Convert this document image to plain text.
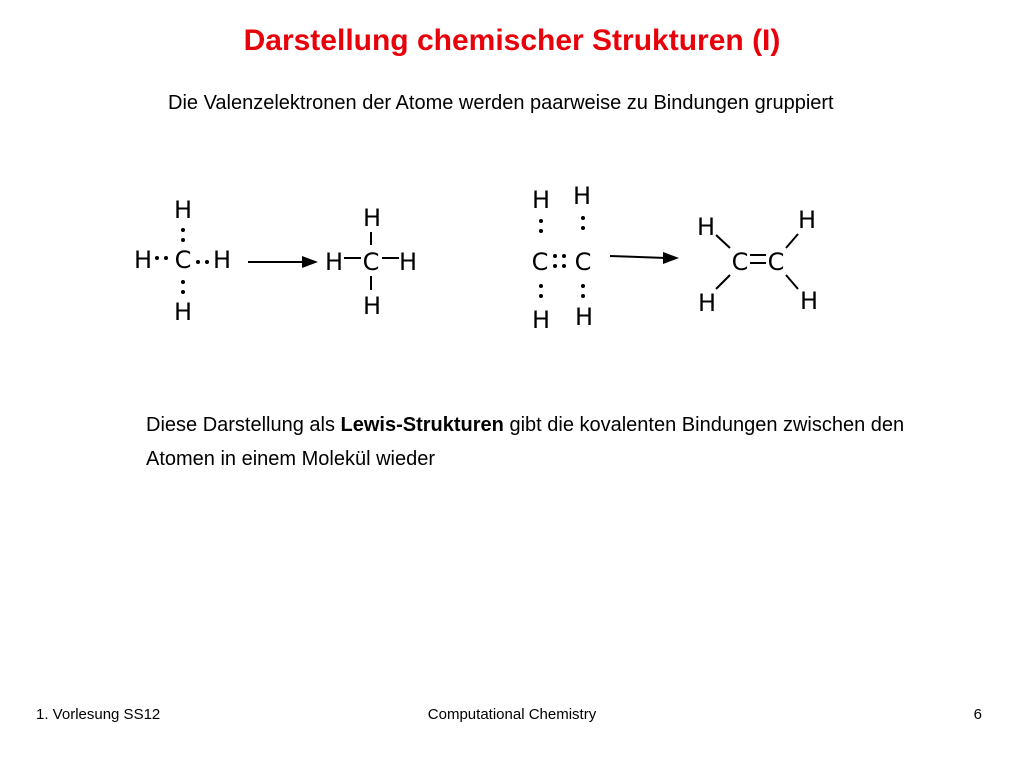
Darstellung chemischer Strukturen (I)
Die Valenzelektronen der Atome werden paarweise zu Bindungen gruppiert
H
H C H
H
H
H C H
H
H H
C C
H H
H	H
C C
H	H
Diese Darstellung als Lewis-Strukturen gibt die kovalenten Bindungen zwischen den Atomen in einem Molekül wieder
1. Vorlesung SS12	Computational Chemistry	6
